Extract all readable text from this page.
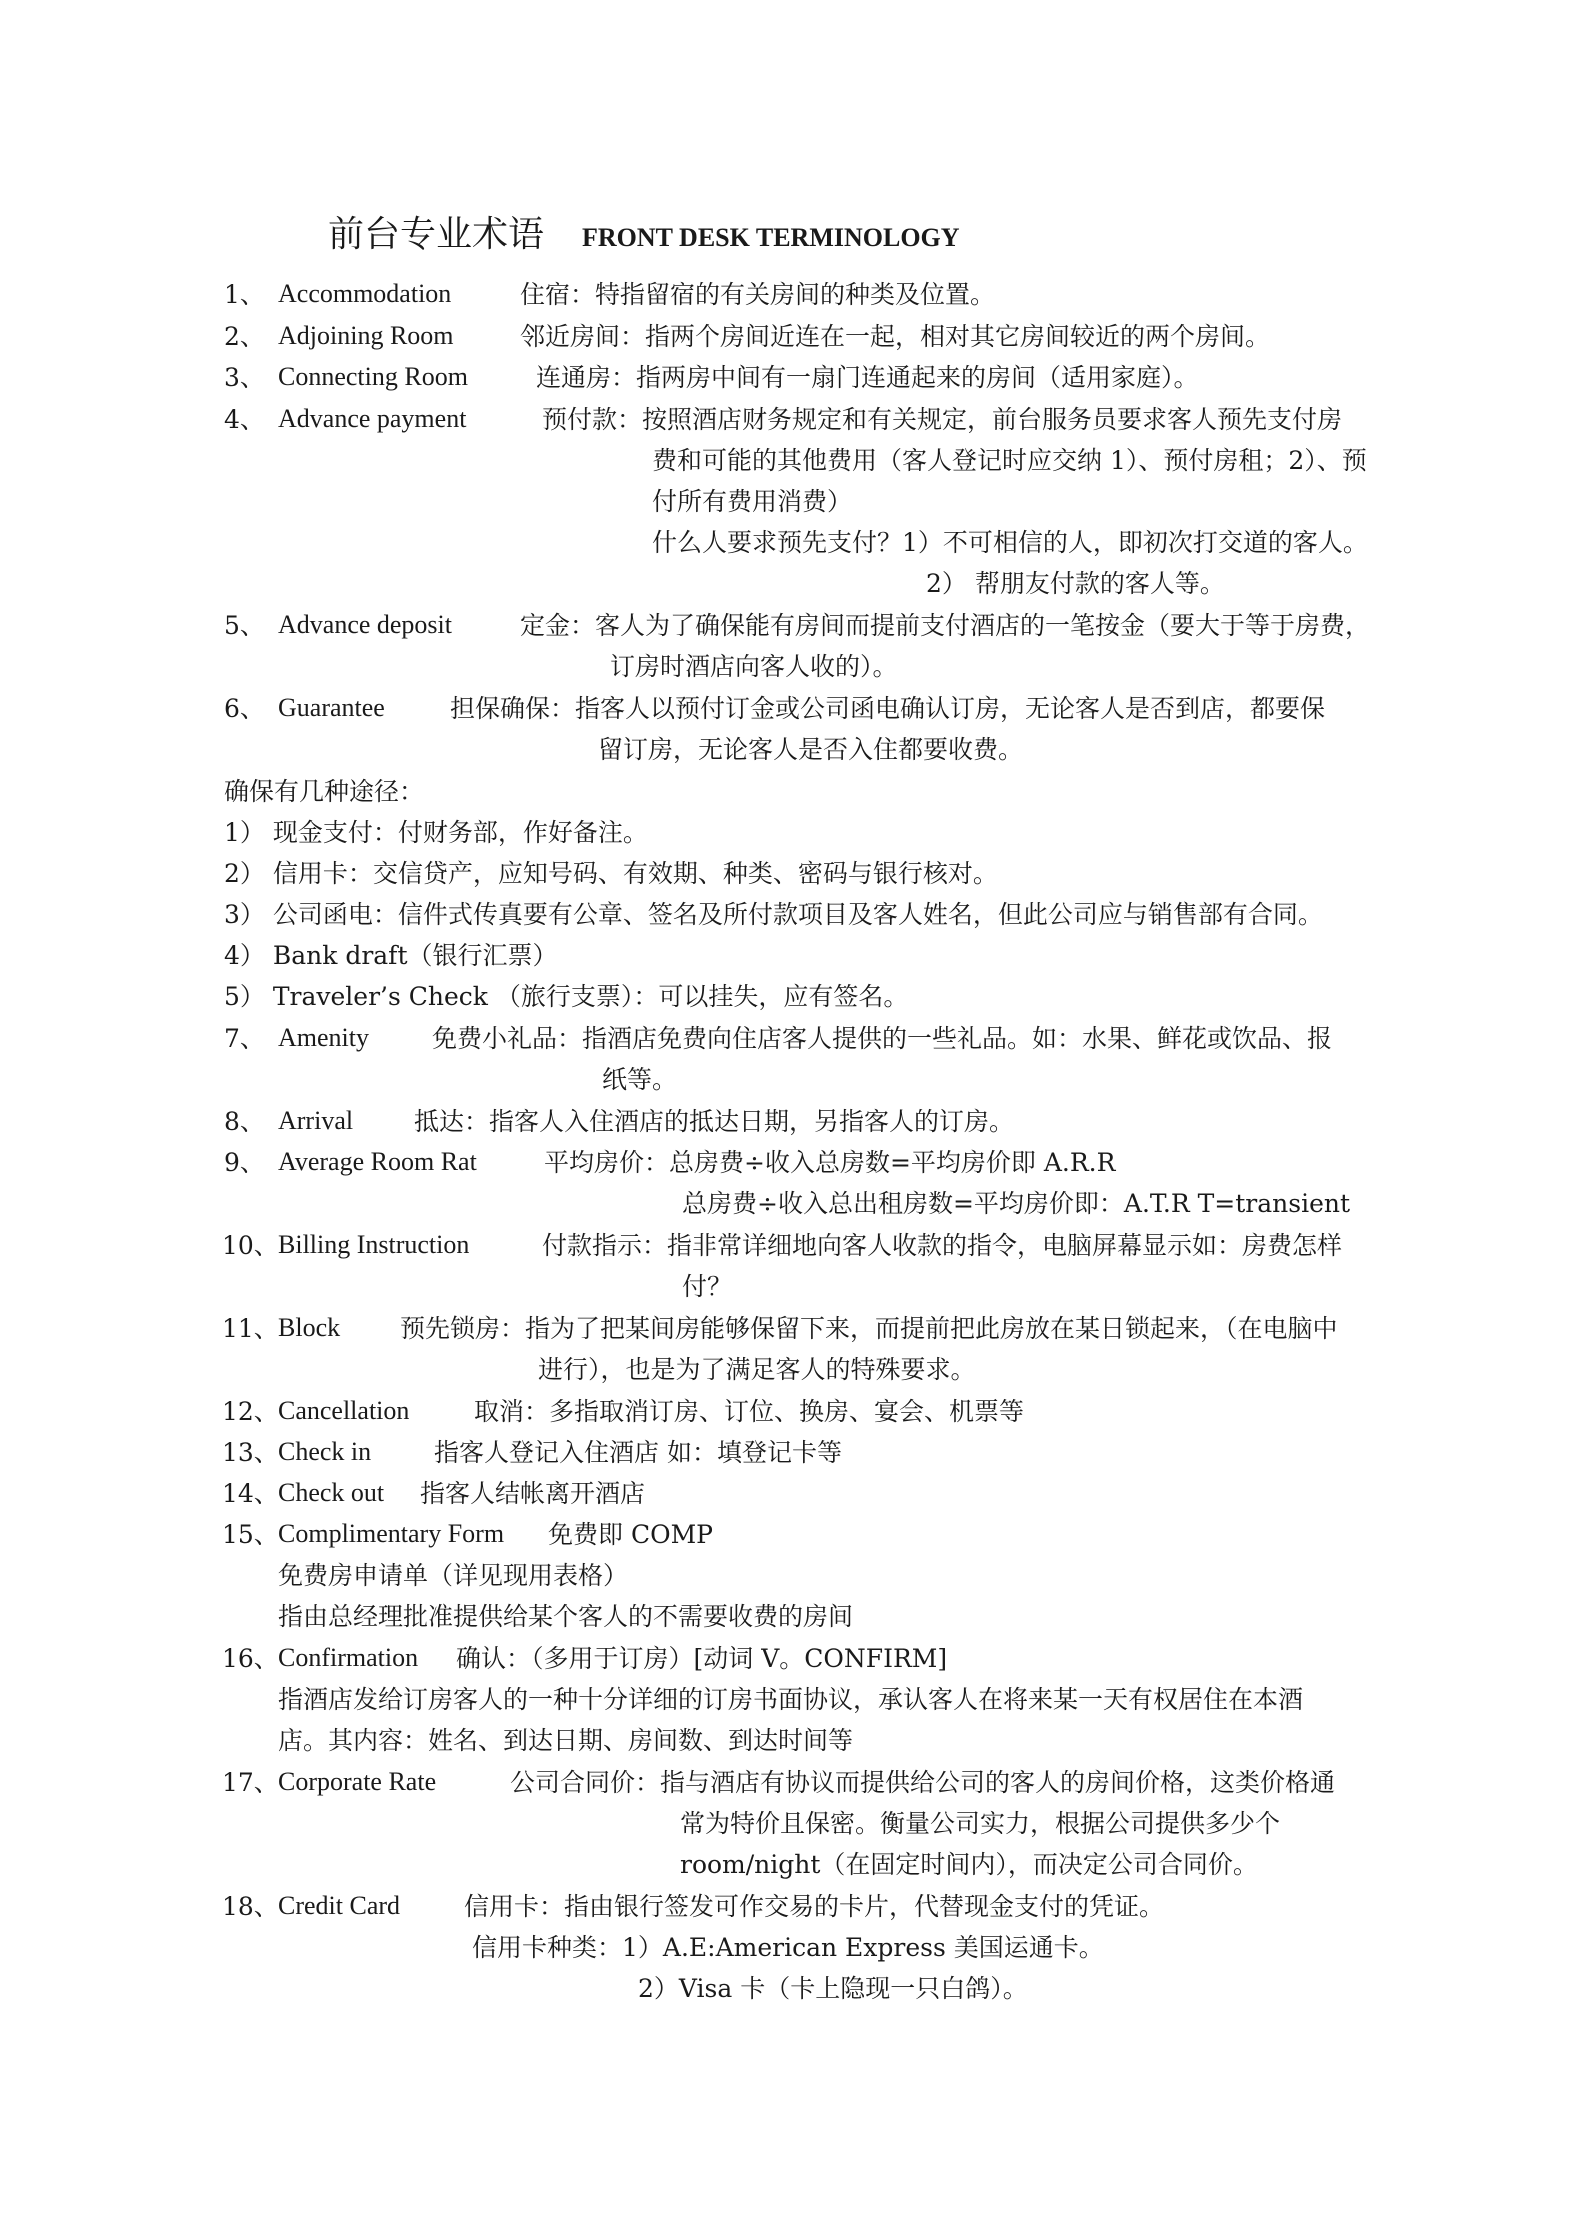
前台专业术语 FRONT DESK TERMINOLOGY
1、 Accommodation	住宿：特指留宿的有关房间的种类及位置。
2、 Adjoining Room	邻近房间：指两个房间近连在一起，相对其它房间较近的两个房间。
3、 Connecting Room	连通房：指两房中间有一扇门连通起来的房间（适用家庭）。
4、 Advance payment	预付款：按照酒店财务规定和有关规定，前台服务员要求客人预先支付房
费和可能的其他费用（客人登记时应交纳 1）、预付房租；2）、预
付所有费用消费）
什么人要求预先支付？1）不可相信的人，即初次打交道的客人。
2） 帮朋友付款的客人等。
5、 Advance deposit	定金：客人为了确保能有房间而提前支付酒店的一笔按金（要大于等于房费，
订房时酒店向客人收的）。
6、 Guarantee	担保确保：指客人以预付订金或公司函电确认订房，无论客人是否到店，都要保
留订房，无论客人是否入住都要收费。
确保有几种途径：
1） 现金支付：付财务部，作好备注。
2） 信用卡：交信贷产，应知号码、有效期、种类、密码与银行核对。
3） 公司函电：信件式传真要有公章、签名及所付款项目及客人姓名，但此公司应与销售部有合同。
4） Bank draft（银行汇票）
5） Traveler’s Check （旅行支票）：可以挂失，应有签名。
7、 Amenity	免费小礼品：指酒店免费向住店客人提供的一些礼品。如：水果、鲜花或饮品、报
纸等。
8、 Arrival 抵达：指客人入住酒店的抵达日期，另指客人的订房。
9、 Average Room Rat	平均房价：总房费÷收入总房数=平均房价即 A.R.R
总房费÷收入总出租房数=平均房价即：A.T.R T=transient
10、 Billing Instruction	付款指示：指非常详细地向客人收款的指令，电脑屏幕显示如：房费怎样
付？
11、 Block 预先锁房：指为了把某间房能够保留下来，而提前把此房放在某日锁起来，（在电脑中
进行），也是为了满足客人的特殊要求。
12、 Cancellation	取消：多指取消订房、订位、换房、宴会、机票等
13、 Check in	指客人登记入住酒店 如：填登记卡等
14、 Check out 指客人结帐离开酒店
15、 Complimentary Form 免费即 COMP
免费房申请单（详见现用表格）
指由总经理批准提供给某个客人的不需要收费的房间
16、 Confirmation 确认：（多用于订房）[动词 V。CONFIRM]
指酒店发给订房客人的一种十分详细的订房书面协议，承认客人在将来某一天有权居住在本酒
店。其内容：姓名、到达日期、房间数、到达时间等
17、 Corporate Rate	公司合同价：指与酒店有协议而提供给公司的客人的房间价格，这类价格通
常为特价且保密。衡量公司实力，根据公司提供多少个
room/night（在固定时间内），而决定公司合同价。
18、 Credit Card	信用卡：指由银行签发可作交易的卡片，代替现金支付的凭证。
信用卡种类：1）A.E:American Express 美国运通卡。
2）Visa 卡（卡上隐现一只白鸽）。
